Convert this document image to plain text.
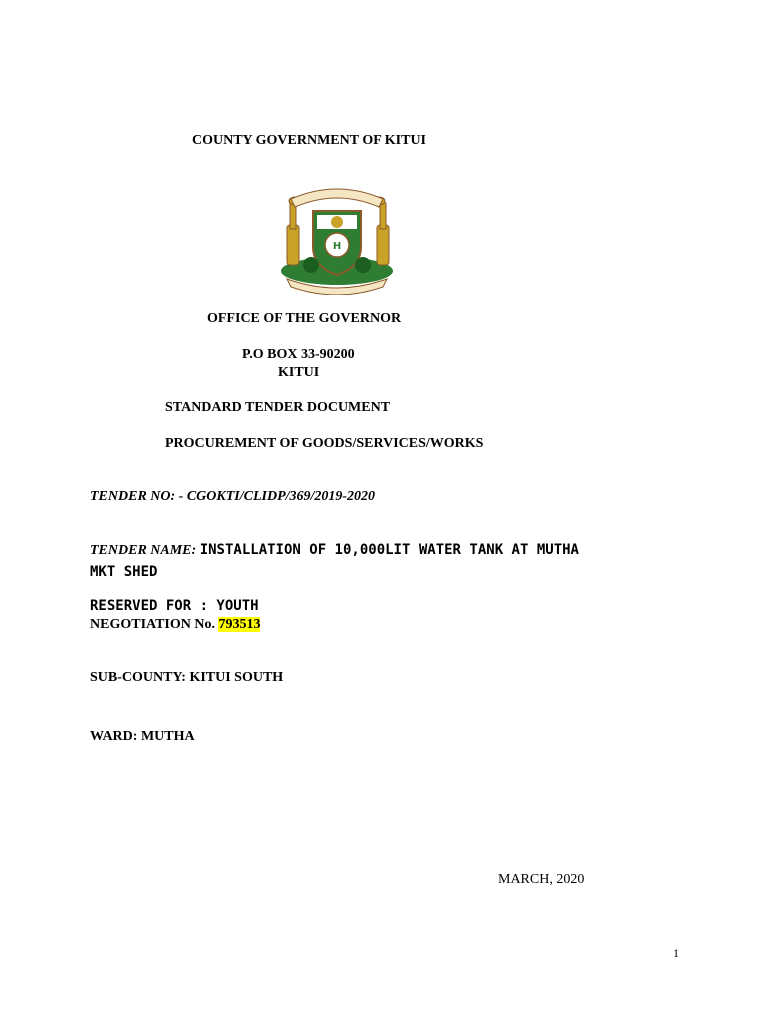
COUNTY GOVERNMENT OF KITUI
H
OFFICE OF THE GOVERNOR
P.O BOX 33-90200
KITUI
STANDARD TENDER DOCUMENT
PROCUREMENT OF GOODS/SERVICES/WORKS
TENDER NO: - CGOKTI/CLIDP/369/2019-2020
TENDER NAME: INSTALLATION OF 10,000LIT WATER TANK AT MUTHA
MKT SHED
RESERVED FOR : YOUTH
NEGOTIATION No. 793513
SUB-COUNTY: KITUI SOUTH
WARD: MUTHA
MARCH, 2020
1
